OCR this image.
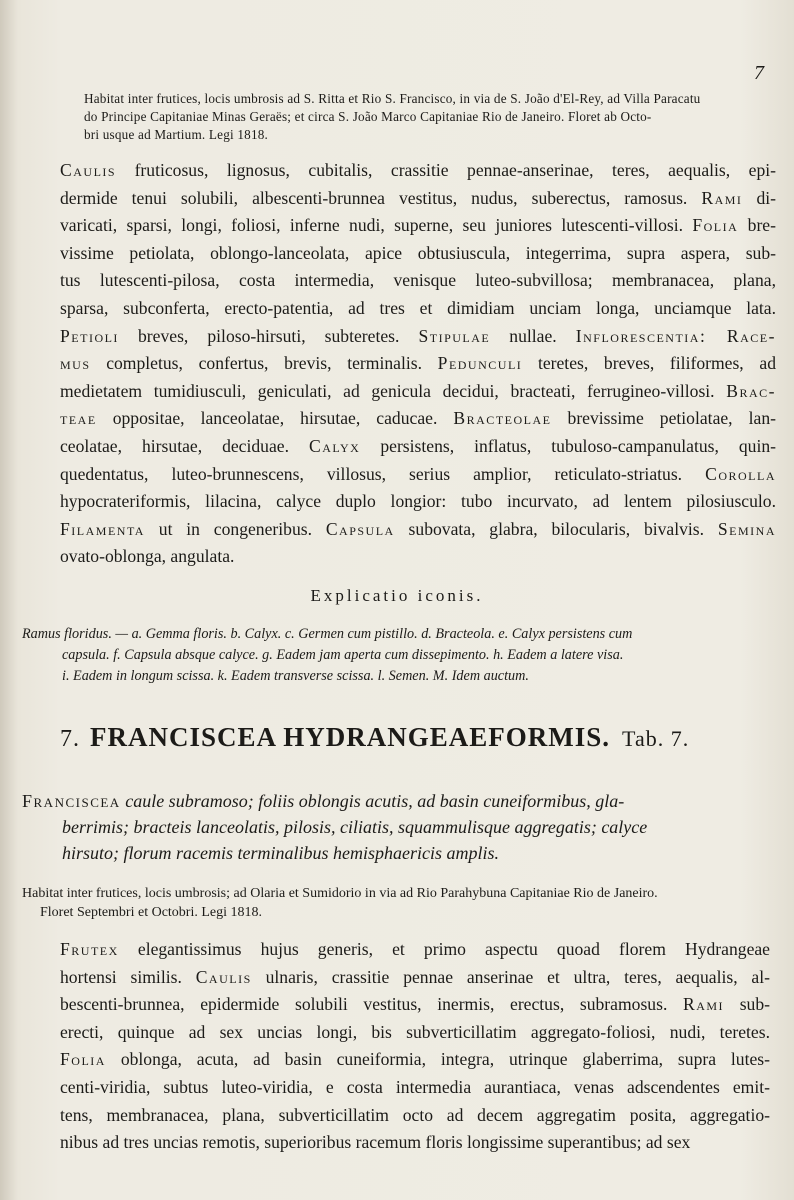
7
Habitat inter frutices, locis umbrosis ad S. Ritta et Rio S. Francisco, in via de S. João d'El-Rey, ad Villa Paracatu
do Principe Capitaniae Minas Geraës; et circa S. João Marco Capitaniae Rio de Janeiro. Floret ab Octo-
bri usque ad Martium. Legi 1818.
Caulis fruticosus, lignosus, cubitalis, crassitie pennae-anserinae, teres, aequalis, epi-
dermide tenui solubili, albescenti-brunnea vestitus, nudus, suberectus, ramosus. Rami di-
varicati, sparsi, longi, foliosi, inferne nudi, superne, seu juniores lutescenti-villosi. Folia bre-
vissime petiolata, oblongo-lanceolata, apice obtusiuscula, integerrima, supra aspera, sub-
tus lutescenti-pilosa, costa intermedia, venisque luteo-subvillosa; membranacea, plana,
sparsa, subconferta, erecto-patentia, ad tres et dimidiam unciam longa, unciamque lata.
Petioli breves, piloso-hirsuti, subteretes. Stipulae nullae. Inflorescentia: Race-
mus completus, confertus, brevis, terminalis. Pedunculi teretes, breves, filiformes, ad
medietatem tumidiusculi, geniculati, ad genicula decidui, bracteati, ferrugineo-villosi. Brac-
teae oppositae, lanceolatae, hirsutae, caducae. Bracteolae brevissime petiolatae, lan-
ceolatae, hirsutae, deciduae. Calyx persistens, inflatus, tubuloso-campanulatus, quin-
quedentatus, luteo-brunnescens, villosus, serius amplior, reticulato-striatus. Corolla
hypocrateriformis, lilacina, calyce duplo longior: tubo incurvato, ad lentem pilosiusculo.
Filamenta ut in congeneribus. Capsula subovata, glabra, bilocularis, bivalvis. Semina
ovato-oblonga, angulata.
Explicatio iconis.
Ramus floridus. — a. Gemma floris. b. Calyx. c. Germen cum pistillo. d. Bracteola. e. Calyx persistens cum
capsula. f. Capsula absque calyce. g. Eadem jam aperta cum dissepimento. h. Eadem a latere visa.
i. Eadem in longum scissa. k. Eadem transverse scissa. l. Semen. M. Idem auctum.
7. FRANCISCEA HYDRANGEAEFORMIS. Tab. 7.
Franciscea caule subramoso; foliis oblongis acutis, ad basin cuneiformibus, gla-
berrimis; bracteis lanceolatis, pilosis, ciliatis, squammulisque aggregatis; calyce
hirsuto; florum racemis terminalibus hemisphaericis amplis.
Habitat inter frutices, locis umbrosis; ad Olaria et Sumidorio in via ad Rio Parahybuna Capitaniae Rio de Janeiro.
Floret Septembri et Octobri. Legi 1818.
Frutex elegantissimus hujus generis, et primo aspectu quoad florem Hydrangeae
hortensi similis. Caulis ulnaris, crassitie pennae anserinae et ultra, teres, aequalis, al-
bescenti-brunnea, epidermide solubili vestitus, inermis, erectus, subramosus. Rami sub-
erecti, quinque ad sex uncias longi, bis subverticillatim aggregato-foliosi, nudi, teretes.
Folia oblonga, acuta, ad basin cuneiformia, integra, utrinque glaberrima, supra lutes-
centi-viridia, subtus luteo-viridia, e costa intermedia aurantiaca, venas adscendentes emit-
tens, membranacea, plana, subverticillatim octo ad decem aggregatim posita, aggregatio-
nibus ad tres uncias remotis, superioribus racemum floris longissime superantibus; ad sex
